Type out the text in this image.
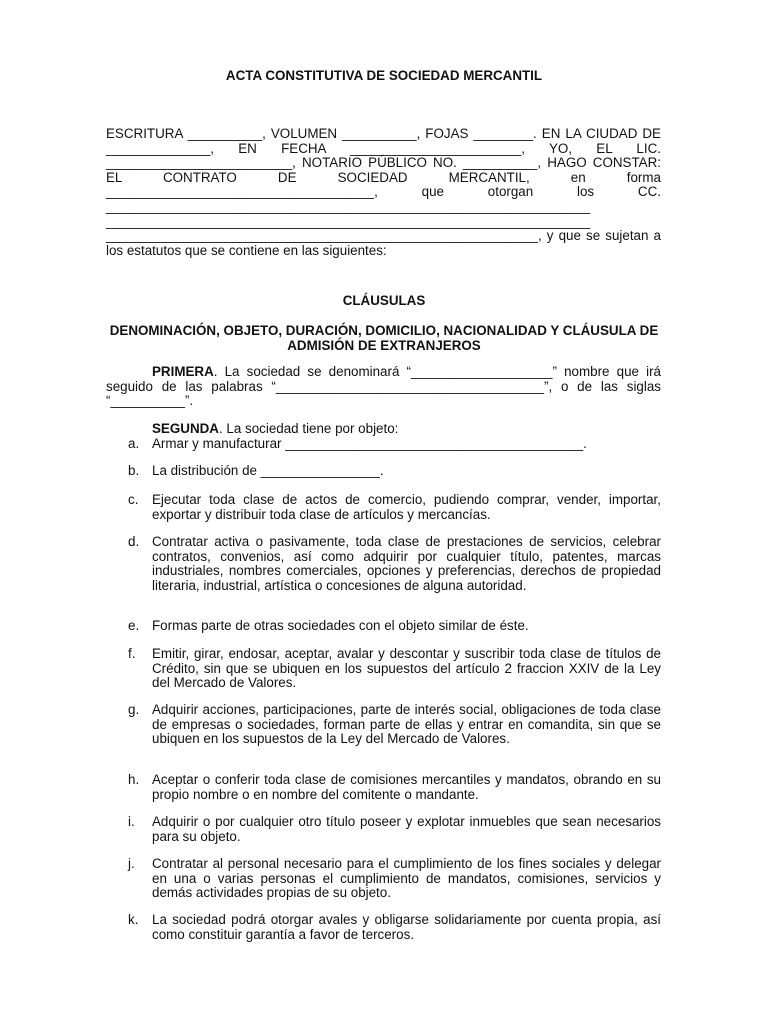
ACTA CONSTITUTIVA DE SOCIEDAD MERCANTIL

ESCRITURA __________, VOLUMEN __________, FOJAS ________. EN LA CIUDAD DE ______________, EN FECHA _______________________, YO, EL LIC. _________________________, NOTARIO PÚBLICO NO. __________, HAGO CONSTAR: EL CONTRATO DE SOCIEDAD MERCANTIL, en forma ____________________________________, que otorgan los CC. _________________________________________________________________ _________________________________________________________________ __________________________________________________________, y que se sujetan a los estatutos que se contiene en las siguientes:

CLÁUSULAS

DENOMINACIÓN, OBJETO, DURACIÓN, DOMICILIO, NACIONALIDAD Y CLÁUSULA DE ADMISIÓN DE EXTRANJEROS

PRIMERA. La sociedad se denominará “___________________” nombre que irá seguido de las palabras “____________________________________”, o de las siglas “__________”.

SEGUNDA. La sociedad tiene por objeto:

a. Armar y manufacturar ________________________________________.
b. La distribución de ________________.
c.	Ejecutar toda clase de actos de comercio, pudiendo comprar, vender, importar, exportar y distribuir toda clase de artículos y mercancías.
d. Contratar activa o pasivamente, toda clase de prestaciones de servicios, celebrar contratos, convenios, así como adquirir por cualquier título, patentes, marcas industriales, nombres comerciales, opciones y preferencias, derechos de propiedad literaria, industrial, artística o concesiones de alguna autoridad.
e. Formas parte de otras sociedades con el objeto similar de éste.
f.	Emitir, girar, endosar, aceptar, avalar y descontar y suscribir toda clase de títulos de Crédito, sin que se ubiquen en los supuestos del artículo 2 fraccion XXIV de la Ley del Mercado de Valores.
g. Adquirir acciones, participaciones, parte de interés social, obligaciones de toda clase de empresas o sociedades, forman parte de ellas y entrar en comandita, sin que se ubiquen en los supuestos de la Ley del Mercado de Valores.
h. Aceptar o conferir toda clase de comisiones mercantiles y mandatos, obrando en su propio nombre o en nombre del comitente o mandante.
i.	Adquirir o por cualquier otro título poseer y explotar inmuebles que sean necesarios para su objeto.
j.	Contratar al personal necesario para el cumplimiento de los fines sociales y delegar en una o varias personas el cumplimiento de mandatos, comisiones, servicios y demás actividades propias de su objeto.
k.	La sociedad podrá otorgar avales y obligarse solidariamente por cuenta propia, así como constituir garantía a favor de terceros.
